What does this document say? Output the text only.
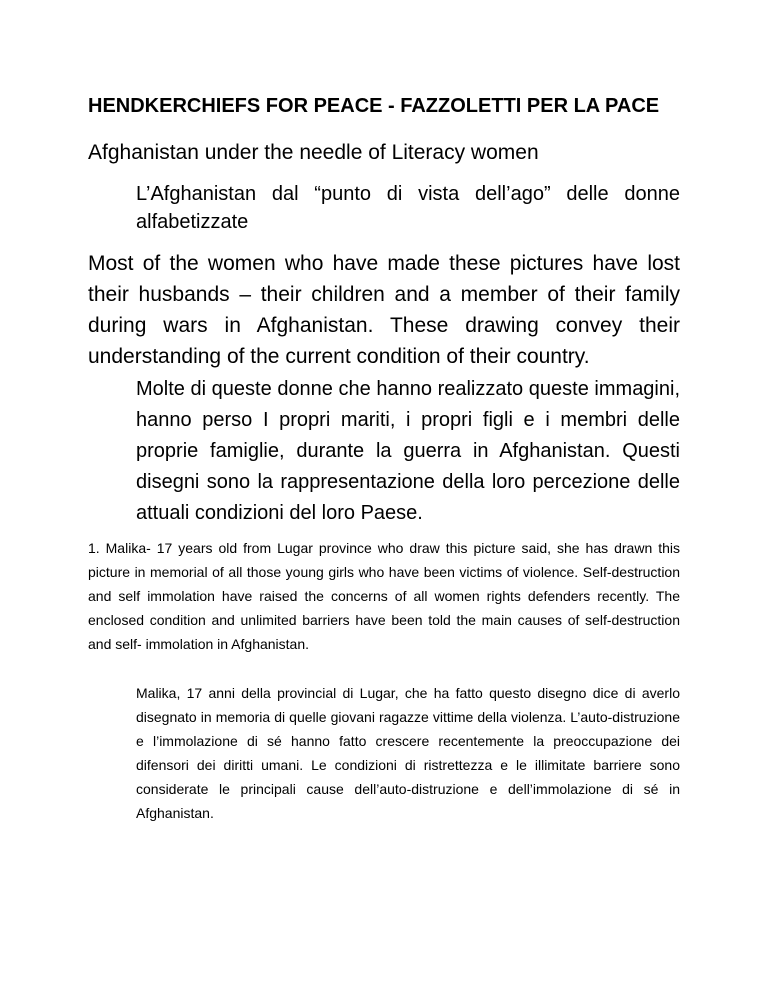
HENDKERCHIEFS FOR PEACE - FAZZOLETTI PER LA PACE
Afghanistan under the needle of Literacy women
L’Afghanistan dal “punto di vista dell’ago” delle donne alfabetizzate
Most of the women who have made these pictures have lost their husbands – their children and a member of their family during wars in Afghanistan. These drawing convey their understanding of the current condition of their country.
Molte di queste donne che hanno realizzato queste immagini, hanno perso I propri mariti, i propri figli e i membri delle proprie famiglie, durante la guerra in Afghanistan. Questi disegni sono la rappresentazione della loro percezione delle attuali condizioni del loro Paese.
1. Malika- 17 years old from Lugar province who draw this picture said, she has drawn this picture in memorial of all those young girls who have been victims of violence. Self-destruction and self immolation have raised the concerns of all women rights defenders recently. The enclosed condition and unlimited barriers have been told the main causes of self-destruction and self- immolation in Afghanistan.
Malika, 17 anni della provincial di Lugar, che ha fatto questo disegno dice di averlo disegnato in memoria di quelle giovani ragazze vittime della violenza. L’auto-distruzione e l’immolazione di sé hanno fatto crescere recentemente la preoccupazione dei difensori dei diritti umani. Le condizioni di ristrettezza e le illimitate barriere sono considerate le principali cause dell’auto-distruzione e dell’immolazione di sé in Afghanistan.
